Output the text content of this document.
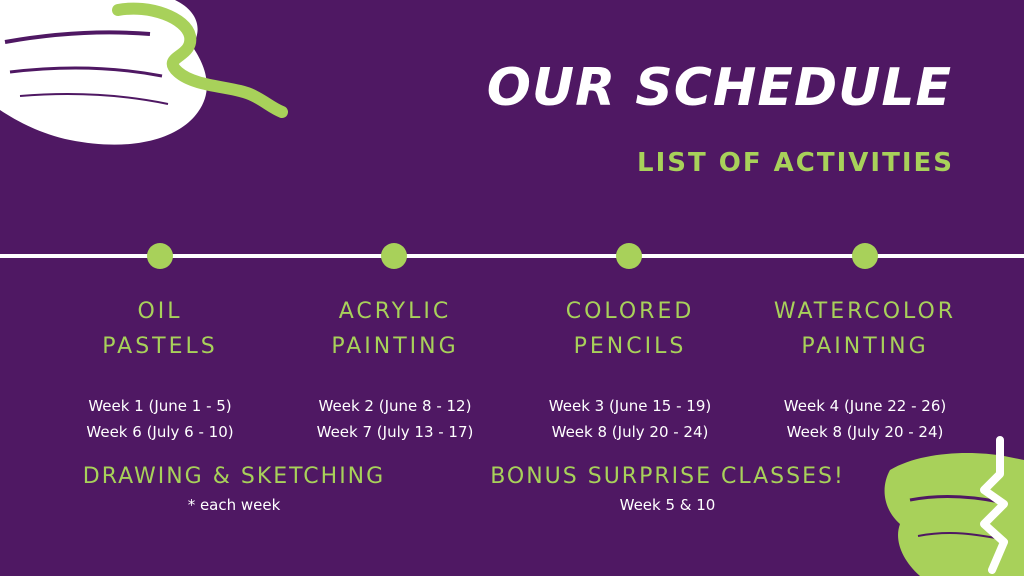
OUR SCHEDULE
LIST OF ACTIVITIES
OIL
PASTELS
Week 1 (June 1 - 5)
Week 6 (July 6 - 10)
ACRYLIC
PAINTING
Week 2 (June 8 - 12)
Week 7 (July 13 - 17)
COLORED
PENCILS
Week 3 (June 15 - 19)
Week 8 (July 20 - 24)
WATERCOLOR
PAINTING
Week 4 (June 22 - 26)
Week 8 (July 20 - 24)
DRAWING & SKETCHING
* each week
BONUS SURPRISE CLASSES!
Week 5 & 10
